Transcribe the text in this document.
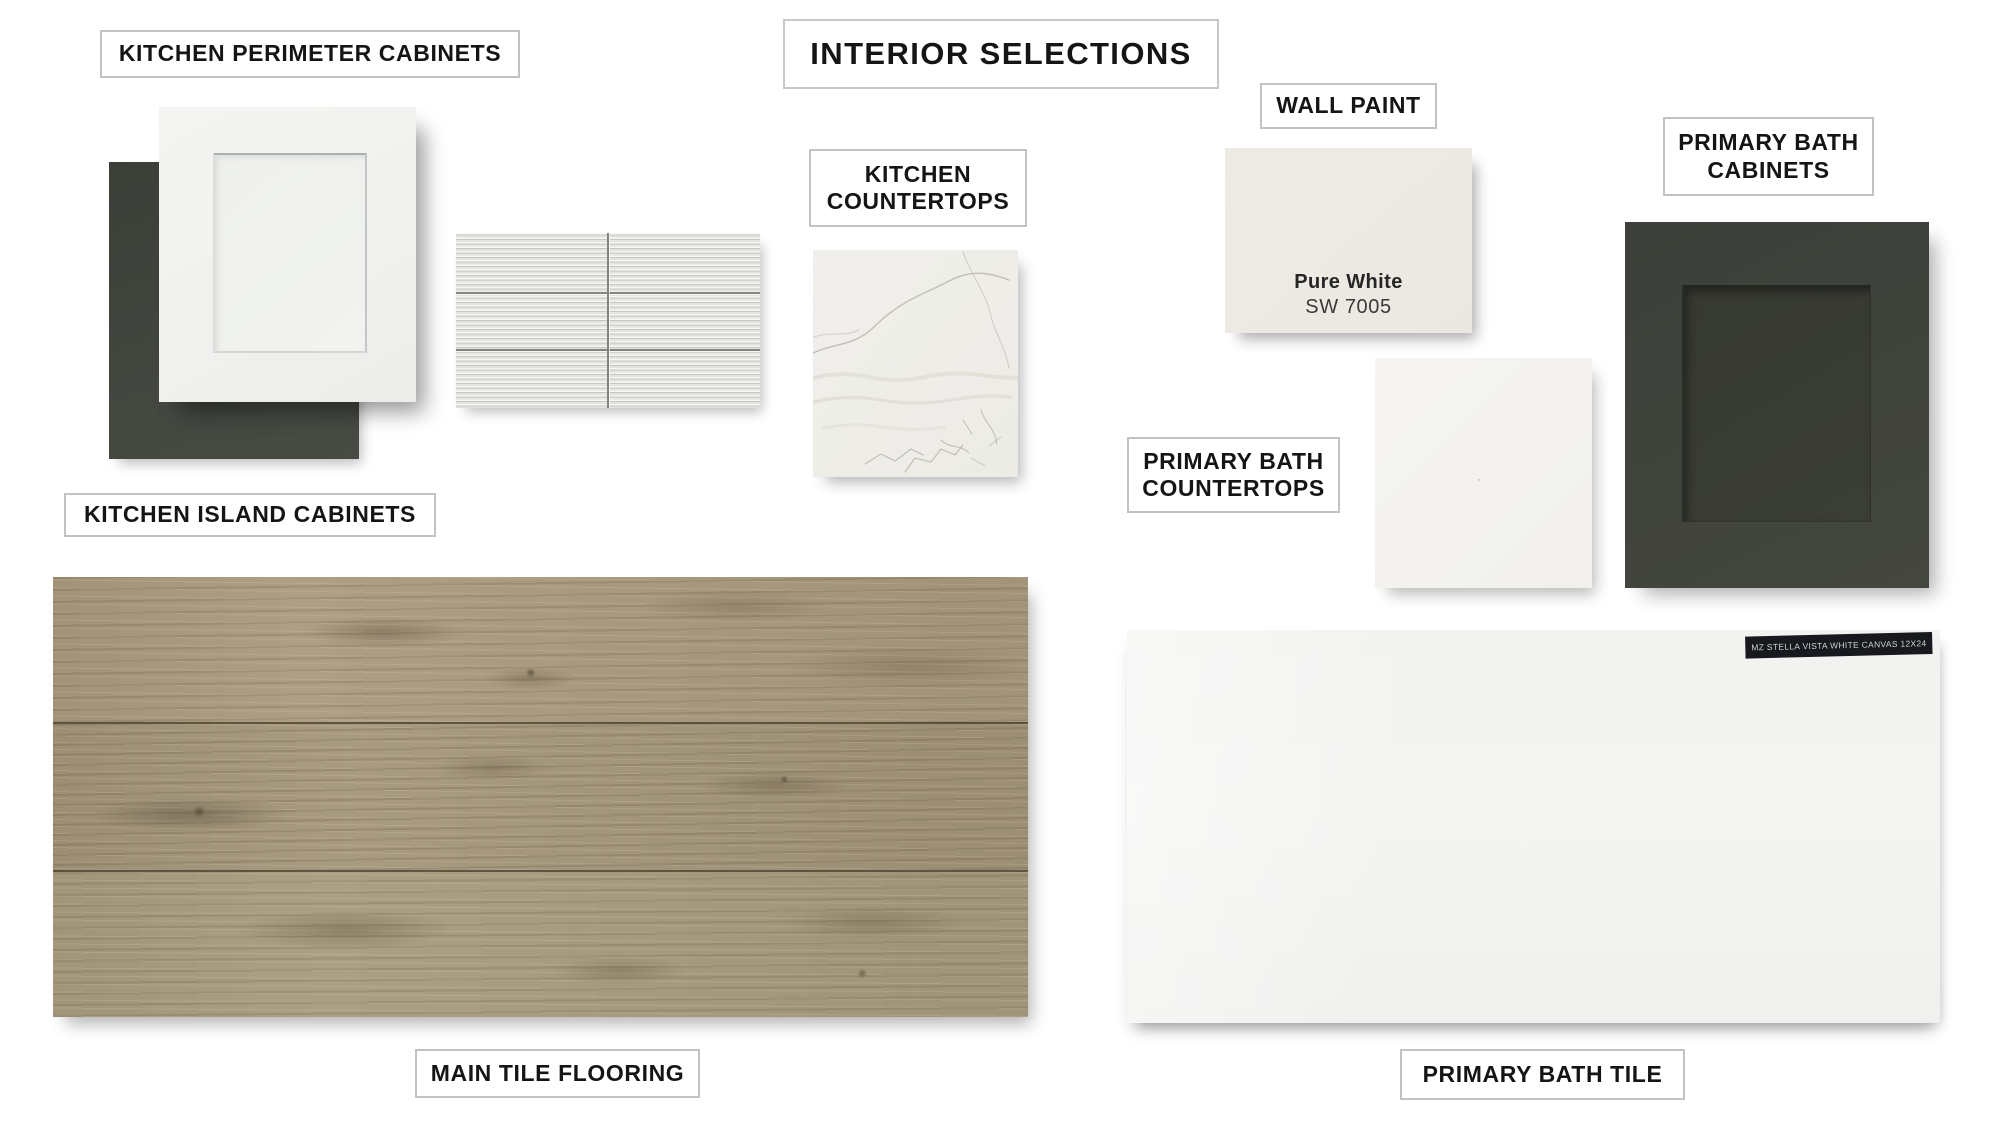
KITCHEN PERIMETER CABINETS	INTERIOR SELECTIONS
WALL PAINT
PRIMARY BATH CABINETS
KITCHEN COUNTERTOPS
PRIMARY BATH COUNTERTOPS
KITCHEN ISLAND CABINETS
MAIN TILE FLOORING	PRIMARY BATH TILE
Pure White
SW 7005
MZ STELLA VISTA WHITE CANVAS 12X24
